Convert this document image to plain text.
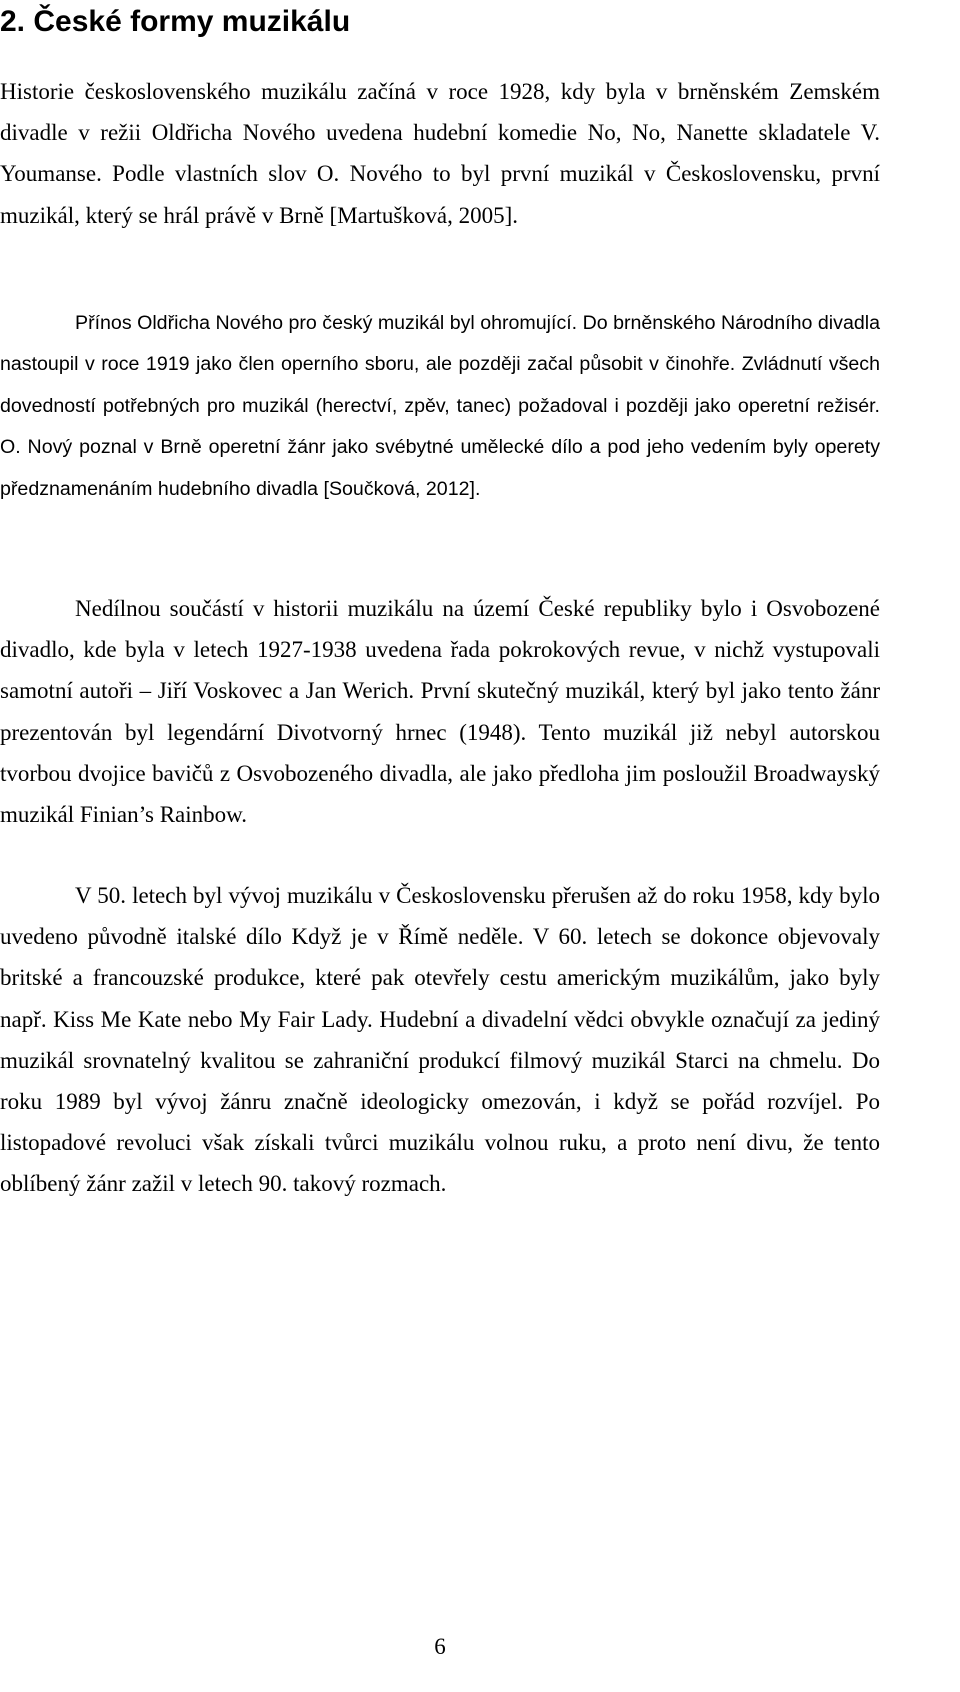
2. České formy muzikálu

Historie československého muzikálu začíná v roce 1928, kdy byla v brněnském Zemském divadle v režii Oldřicha Nového uvedena hudební komedie No, No, Nanette skladatele V. Youmanse. Podle vlastních slov O. Nového to byl první muzikál v Československu, první muzikál, který se hrál právě v Brně [Martušková, 2005].

Přínos Oldřicha Nového pro český muzikál byl ohromující. Do brněnského Národního divadla nastoupil v roce 1919 jako člen operního sboru, ale později začal působit v činohře. Zvládnutí všech dovedností potřebných pro muzikál (herectví, zpěv, tanec) požadoval i později jako operetní režisér. O. Nový poznal v Brně operetní žánr jako svébytné umělecké dílo a pod jeho vedením byly operety předznamenáním hudebního divadla [Součková, 2012].

Nedílnou součástí v historii muzikálu na území České republiky bylo i Osvobozené divadlo, kde byla v letech 1927-1938 uvedena řada pokrokových revue, v nichž vystupovali samotní autoři – Jiří Voskovec a Jan Werich. První skutečný muzikál, který byl jako tento žánr prezentován byl legendární Divotvorný hrnec (1948). Tento muzikál již nebyl autorskou tvorbou dvojice bavičů z Osvobozeného divadla, ale jako předloha jim posloužil Broadwayský muzikál Finian’s Rainbow.

V 50. letech byl vývoj muzikálu v Československu přerušen až do roku 1958, kdy bylo uvedeno původně italské dílo Když je v Římě neděle. V 60. letech se dokonce objevovaly britské a francouzské produkce, které pak otevřely cestu americkým muzikálům, jako byly např. Kiss Me Kate nebo My Fair Lady. Hudební a divadelní vědci obvykle označují za jediný muzikál srovnatelný kvalitou se zahraniční produkcí filmový muzikál Starci na chmelu. Do roku 1989 byl vývoj žánru značně ideologicky omezován, i když se pořád rozvíjel. Po listopadové revoluci však získali tvůrci muzikálu volnou ruku, a proto není divu, že tento oblíbený žánr zažil v letech 90. takový rozmach.

6
